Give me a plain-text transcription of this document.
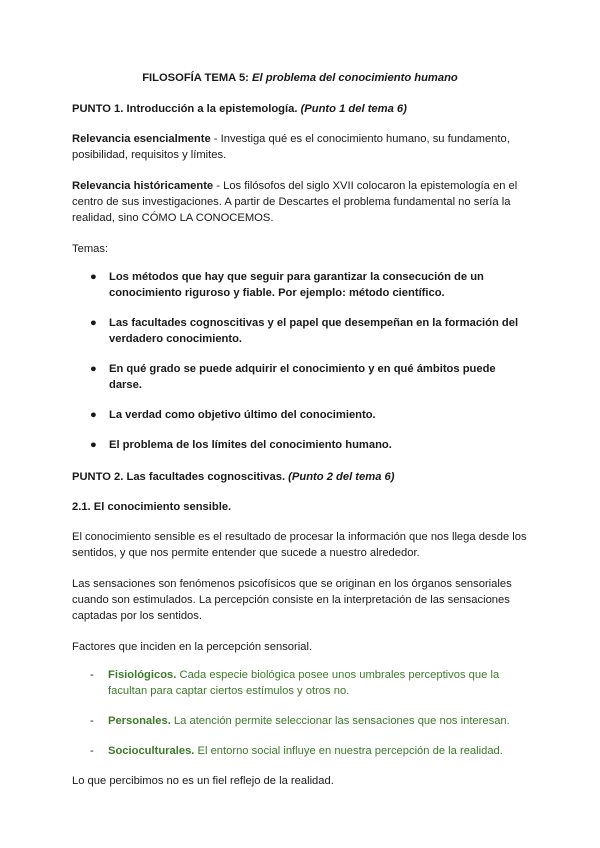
FILOSOFÍA TEMA 5: El problema del conocimiento humano
PUNTO 1. Introducción a la epistemología. (Punto 1 del tema 6)

Relevancia esencialmente - Investiga qué es el conocimiento humano, su fundamento, posibilidad, requisitos y límites.

Relevancia históricamente - Los filósofos del siglo XVII colocaron la epistemología en el centro de sus investigaciones. A partir de Descartes el problema fundamental no sería la realidad, sino CÓMO LA CONOCEMOS.

Temas:

● Los métodos que hay que seguir para garantizar la consecución de un conocimiento riguroso y fiable. Por ejemplo: método científico.
● Las facultades cognoscitivas y el papel que desempeñan en la formación del verdadero conocimiento.
● En qué grado se puede adquirir el conocimiento y en qué ámbitos puede darse.
● La verdad como objetivo último del conocimiento.
● El problema de los límites del conocimiento humano.
PUNTO 2. Las facultades cognoscitivas. (Punto 2 del tema 6)
2.1. El conocimiento sensible.

El conocimiento sensible es el resultado de procesar la información que nos llega desde los sentidos, y que nos permite entender que sucede a nuestro alrededor.

Las sensaciones son fenómenos psicofísicos que se originan en los órganos sensoriales cuando son estimulados. La percepción consiste en la interpretación de las sensaciones captadas por los sentidos.

Factores que inciden en la percepción sensorial.

- Fisiológicos. Cada especie biológica posee unos umbrales perceptivos que la facultan para captar ciertos estímulos y otros no.
- Personales. La atención permite seleccionar las sensaciones que nos interesan.
- Socioculturales. El entorno social influye en nuestra percepción de la realidad.

Lo que percibimos no es un fiel reflejo de la realidad.
